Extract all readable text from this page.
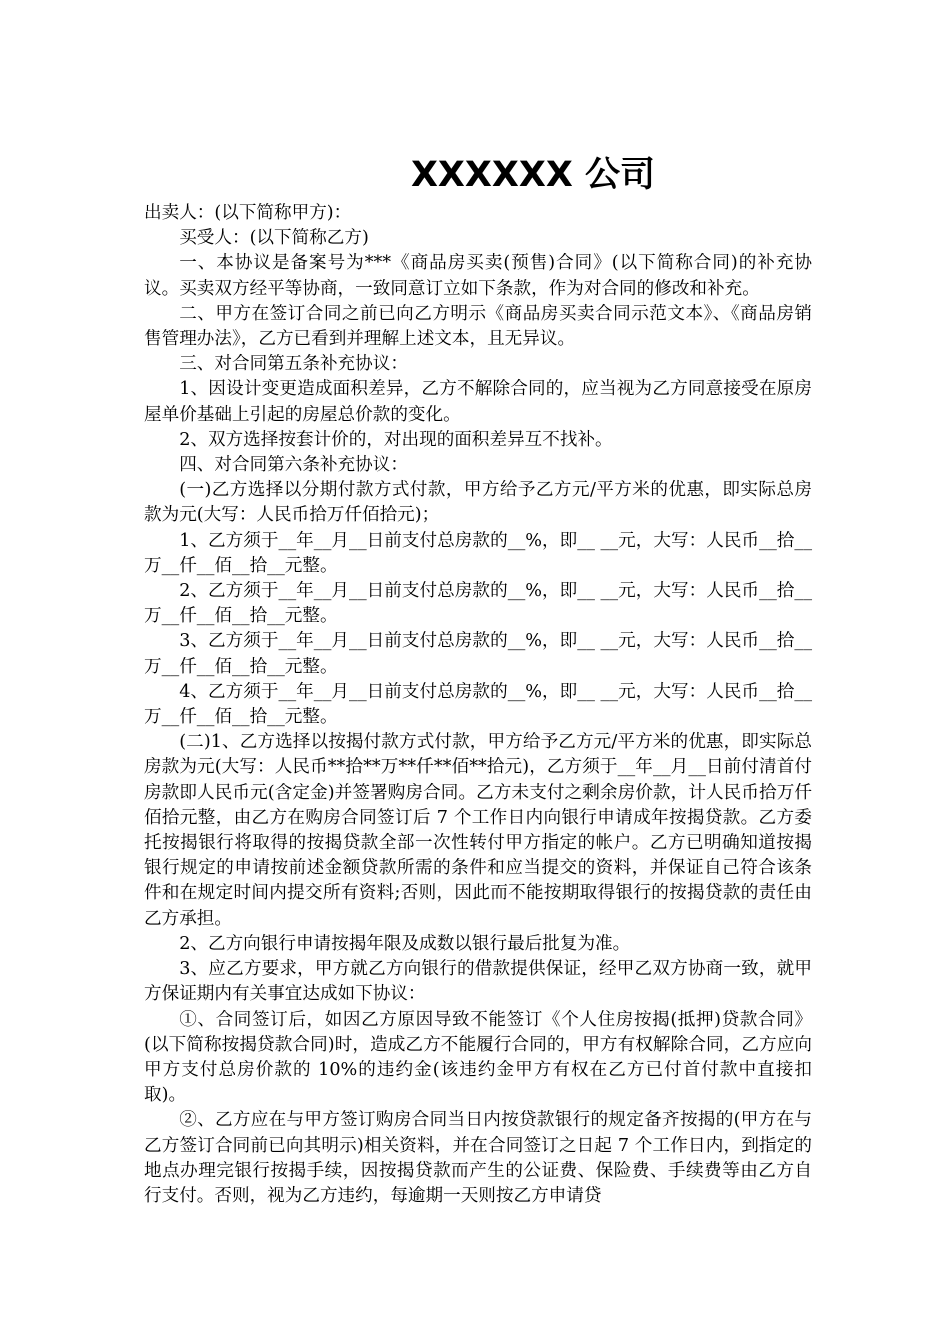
XXXXXX 公司

出卖人：(以下简称甲方)：

买受人：(以下简称乙方)

一、本协议是备案号为***《商品房买卖(预售)合同》(以下简称合同)的补充协议。买卖双方经平等协商，一致同意订立如下条款，作为对合同的修改和补充。

二、甲方在签订合同之前已向乙方明示《商品房买卖合同示范文本》、《商品房销售管理办法》，乙方已看到并理解上述文本，且无异议。

三、对合同第五条补充协议：

1、因设计变更造成面积差异，乙方不解除合同的，应当视为乙方同意接受在原房屋单价基础上引起的房屋总价款的变化。

2、双方选择按套计价的，对出现的面积差异互不找补。

四、对合同第六条补充协议：

(一)乙方选择以分期付款方式付款，甲方给予乙方元/平方米的优惠，即实际总房款为元(大写：人民币拾万仟佰拾元)；

1、乙方须于__年__月__日前支付总房款的__%，即__ __元，大写：人民币__拾__万__仟__佰__拾__元整。

2、乙方须于__年__月__日前支付总房款的__%，即__ __元，大写：人民币__拾__万__仟__佰__拾__元整。

3、乙方须于__年__月__日前支付总房款的__%，即__ __元，大写：人民币__拾__万__仟__佰__拾__元整。

4、乙方须于__年__月__日前支付总房款的__%，即__ __元，大写：人民币__拾__万__仟__佰__拾__元整。

(二)1、乙方选择以按揭付款方式付款，甲方给予乙方元/平方米的优惠，即实际总房款为元(大写：人民币**拾**万**仟**佰**拾元)，乙方须于__年__月__日前付清首付房款即人民币元(含定金)并签署购房合同。乙方未支付之剩余房价款，计人民币拾万仟佰拾元整，由乙方在购房合同签订后 7 个工作日内向银行申请成年按揭贷款。乙方委托按揭银行将取得的按揭贷款全部一次性转付甲方指定的帐户。乙方已明确知道按揭银行规定的申请按前述金额贷款所需的条件和应当提交的资料，并保证自己符合该条件和在规定时间内提交所有资料;否则，因此而不能按期取得银行的按揭贷款的责任由乙方承担。

2、乙方向银行申请按揭年限及成数以银行最后批复为准。

3、应乙方要求，甲方就乙方向银行的借款提供保证，经甲乙双方协商一致，就甲方保证期内有关事宜达成如下协议：

①、合同签订后，如因乙方原因导致不能签订《个人住房按揭(抵押)贷款合同》(以下简称按揭贷款合同)时，造成乙方不能履行合同的，甲方有权解除合同，乙方应向甲方支付总房价款的 10%的违约金(该违约金甲方有权在乙方已付首付款中直接扣取)。

②、乙方应在与甲方签订购房合同当日内按贷款银行的规定备齐按揭的(甲方在与乙方签订合同前已向其明示)相关资料，并在合同签订之日起 7 个工作日内，到指定的地点办理完银行按揭手续，因按揭贷款而产生的公证费、保险费、手续费等由乙方自行支付。否则，视为乙方违约，每逾期一天则按乙方申请贷
